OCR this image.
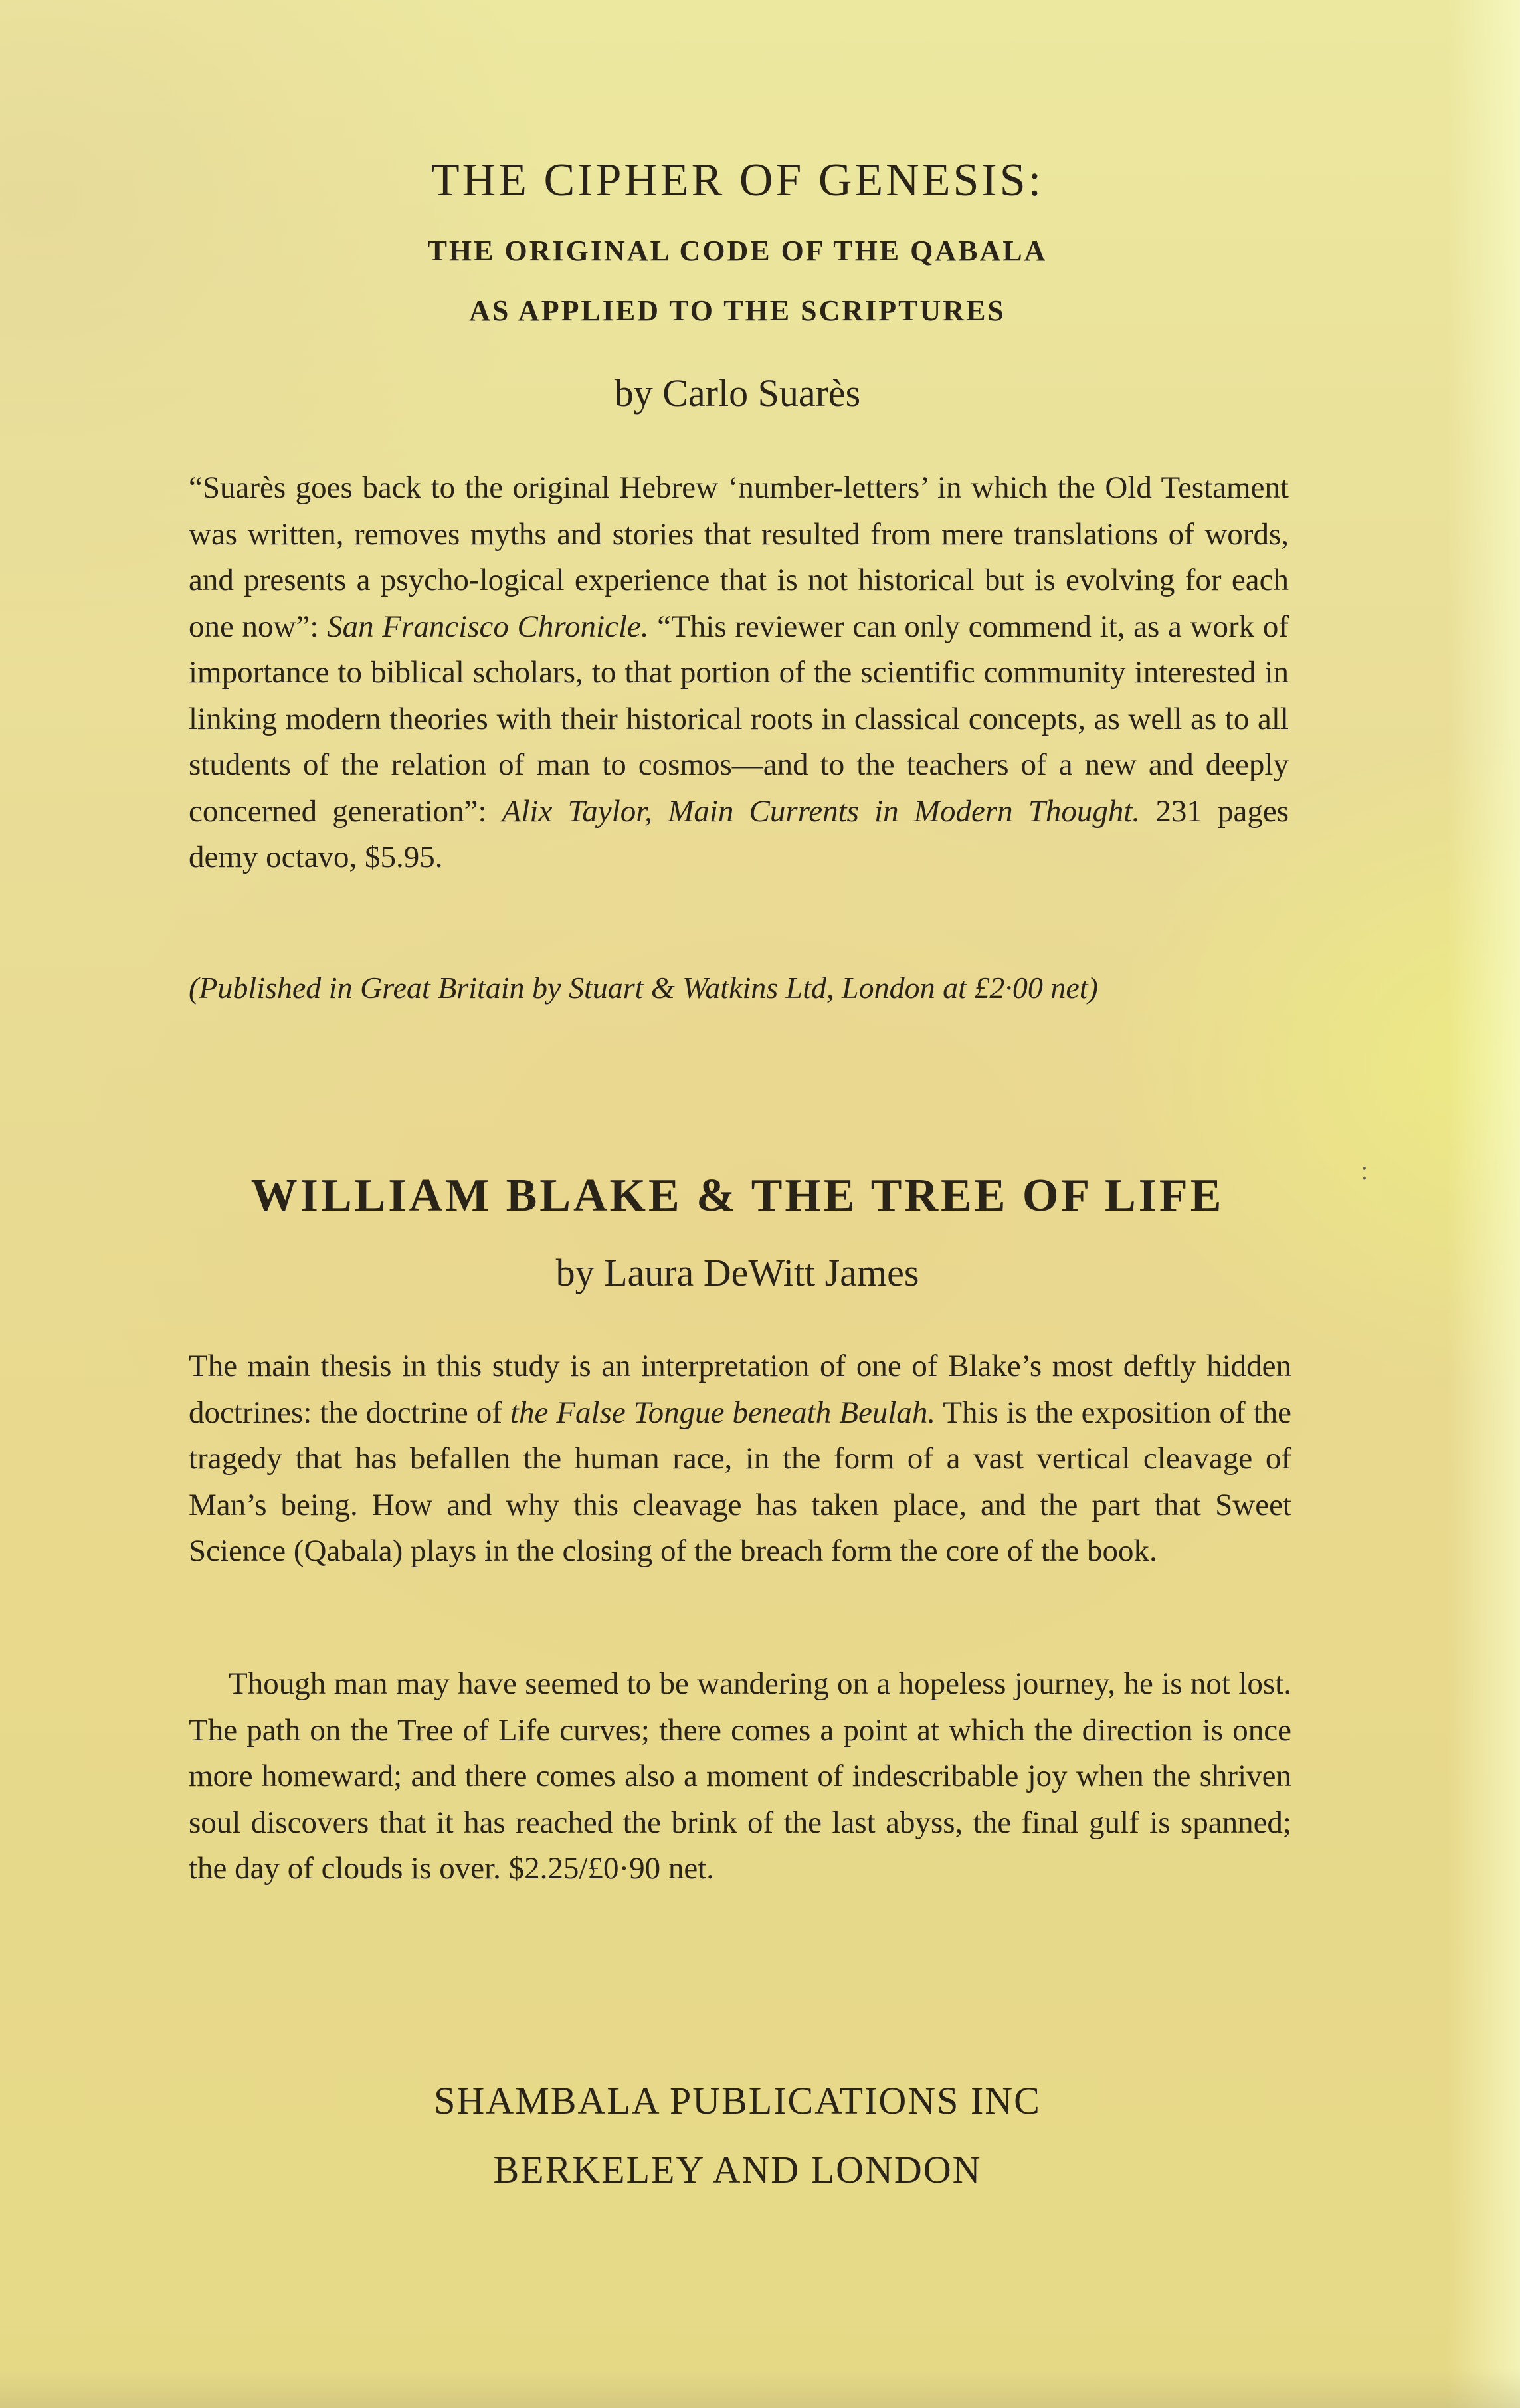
THE CIPHER OF GENESIS:
THE ORIGINAL CODE OF THE QABALA
AS APPLIED TO THE SCRIPTURES

by Carlo Suarès

“Suarès goes back to the original Hebrew ‘number-letters’ in which the Old Testament was written, removes myths and stories that resulted from mere translations of words, and presents a psycho-logical experience that is not historical but is evolving for each one now”: San Francisco Chronicle. “This reviewer can only commend it, as a work of importance to biblical scholars, to that portion of the scientific community interested in linking modern theories with their historical roots in classical concepts, as well as to all students of the relation of man to cosmos—and to the teachers of a new and deeply concerned generation”: Alix Taylor, Main Currents in Modern Thought. 231 pages demy octavo, $5.95.

(Published in Great Britain by Stuart & Watkins Ltd, London at £2·00 net)

WILLIAM BLAKE & THE TREE OF LIFE	:

by Laura DeWitt James

The main thesis in this study is an interpretation of one of Blake’s most deftly hidden doctrines: the doctrine of the False Tongue beneath Beulah. This is the exposition of the tragedy that has befallen the human race, in the form of a vast vertical cleavage of Man’s being. How and why this cleavage has taken place, and the part that Sweet Science (Qabala) plays in the closing of the breach form the core of the book.

Though man may have seemed to be wandering on a hopeless journey, he is not lost. The path on the Tree of Life curves; there comes a point at which the direction is once more homeward; and there comes also a moment of indescribable joy when the shriven soul discovers that it has reached the brink of the last abyss, the final gulf is spanned; the day of clouds is over. $2.25/£0·90 net.

SHAMBALA PUBLICATIONS INC

BERKELEY AND LONDON
